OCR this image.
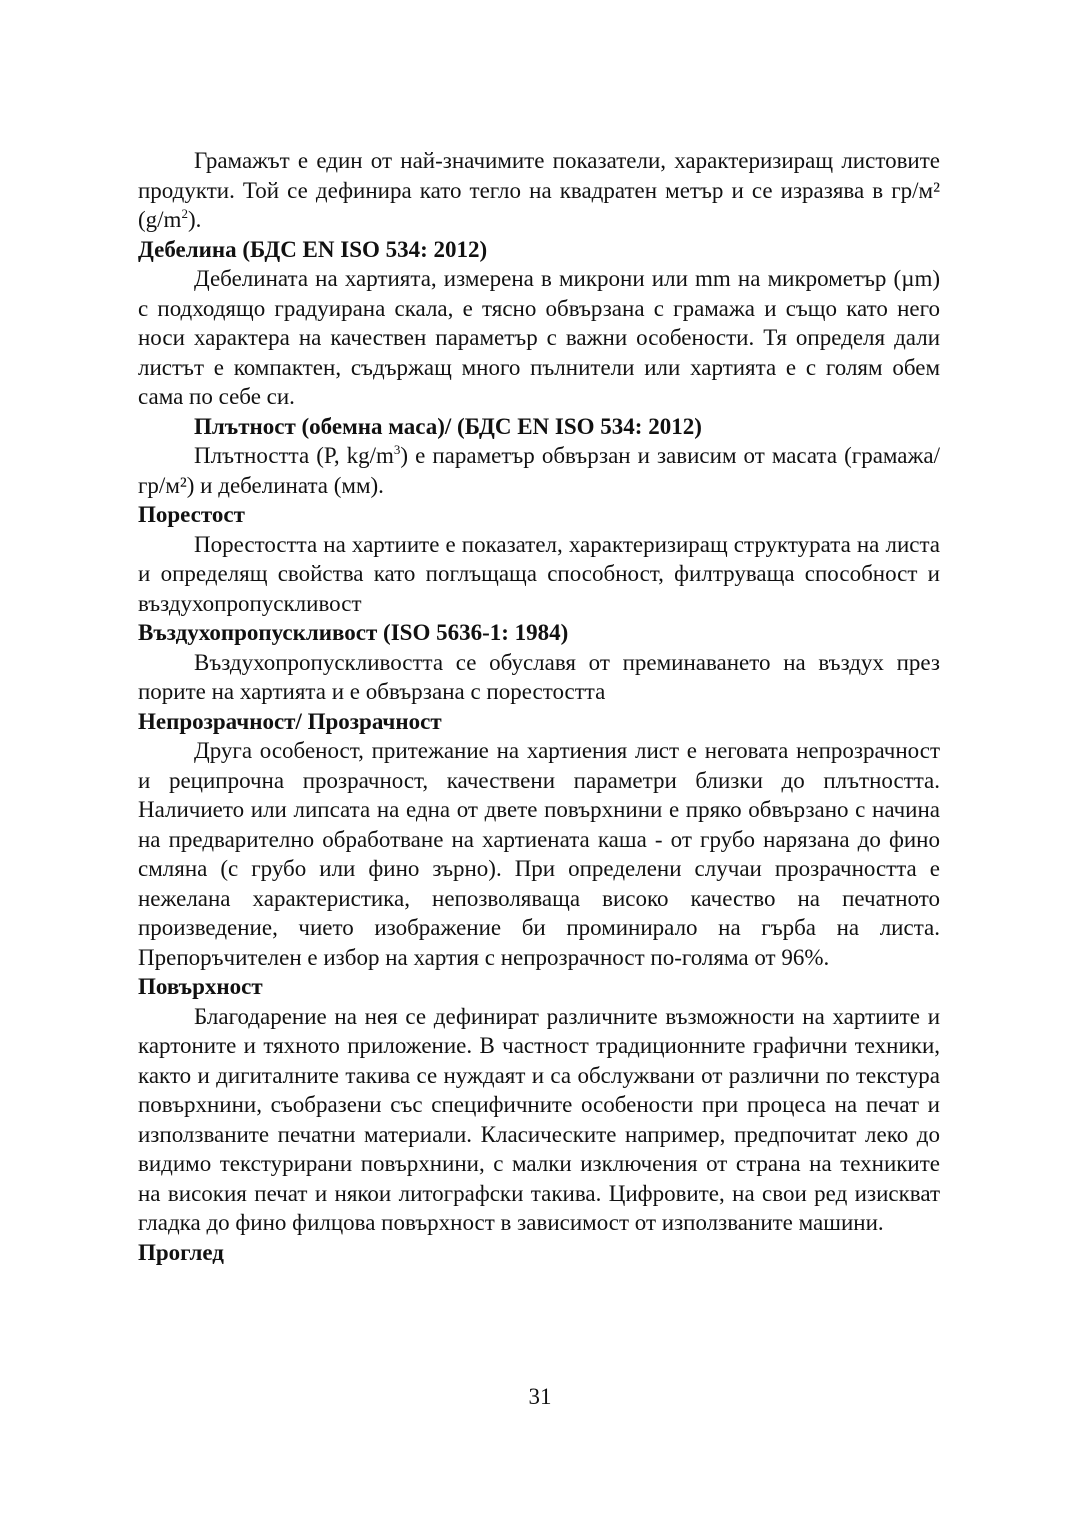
Грамажът е един от най-значимите показатели, характеризиращ листовите продукти. Той се дефинира като тегло на квадратен метър и се изразява в гр/м² $(g/m^2)$.

Дебелина (БДС EN ISO 534: 2012)

Дебелината на хартията, измерена в микрони или mm на микрометър (µm) с подходящо градуирана скала, е тясно обвързана с грамажа и също като него носи характера на качествен параметър с важни особености. Тя определя дали листът е компактен, съдържащ много пълнители или хартията е с голям обем сама по себе си.

Плътност (обемна маса)/ (БДС EN ISO 534: 2012)

Плътността (Р, $kg/m^3$) е параметър обвързан и зависим от масата (грамажа/ гр/м²) и дебелината (мм).

Порестост

Порестостта на хартиите е показател, характеризиращ структурата на листа и определящ свойства като поглъщаща способност, филтруваща способност и въздухопропускливост

Въздухопропускливост (ISO 5636-1: 1984)

Въздухопропускливостта се обуславя от преминаването на въздух през порите на хартията и е обвързана с порестостта

Непрозрачност/ Прозрачност

Друга особеност, притежание на хартиения лист е неговата непрозрачност и реципрочна прозрачност, качествени параметри близки до плътността. Наличието или липсата на една от двете повърхнини е пряко обвързано с начина на предварително обработване на хартиената каша - от грубо нарязана до фино смляна (с грубо или фино зърно). При определени случаи прозрачността е нежелана характеристика, непозволяваща високо качество на печатното произведение, чието изображение би проминирало на гърба на листа. Препоръчителен е избор на хартия с непрозрачност по-голяма от 96%.

Повърхност

Благодарение на нея се дефинират различните възможности на хартиите и картоните и тяхното приложение. В частност традиционните графични техники, както и дигиталните такива се нуждаят и са обслужвани от различни по текстура повърхнини, съобразени със специфичните особености при процеса на печат и използваните печатни материали. Класическите например, предпочитат леко до видимо текстурирани повърхнини, с малки изключения от страна на техниките на високия печат и някои литографски такива. Цифровите, на свои ред изискват гладка до фино филцова повърхност в зависимост от използваните машини.

Проглед

31
